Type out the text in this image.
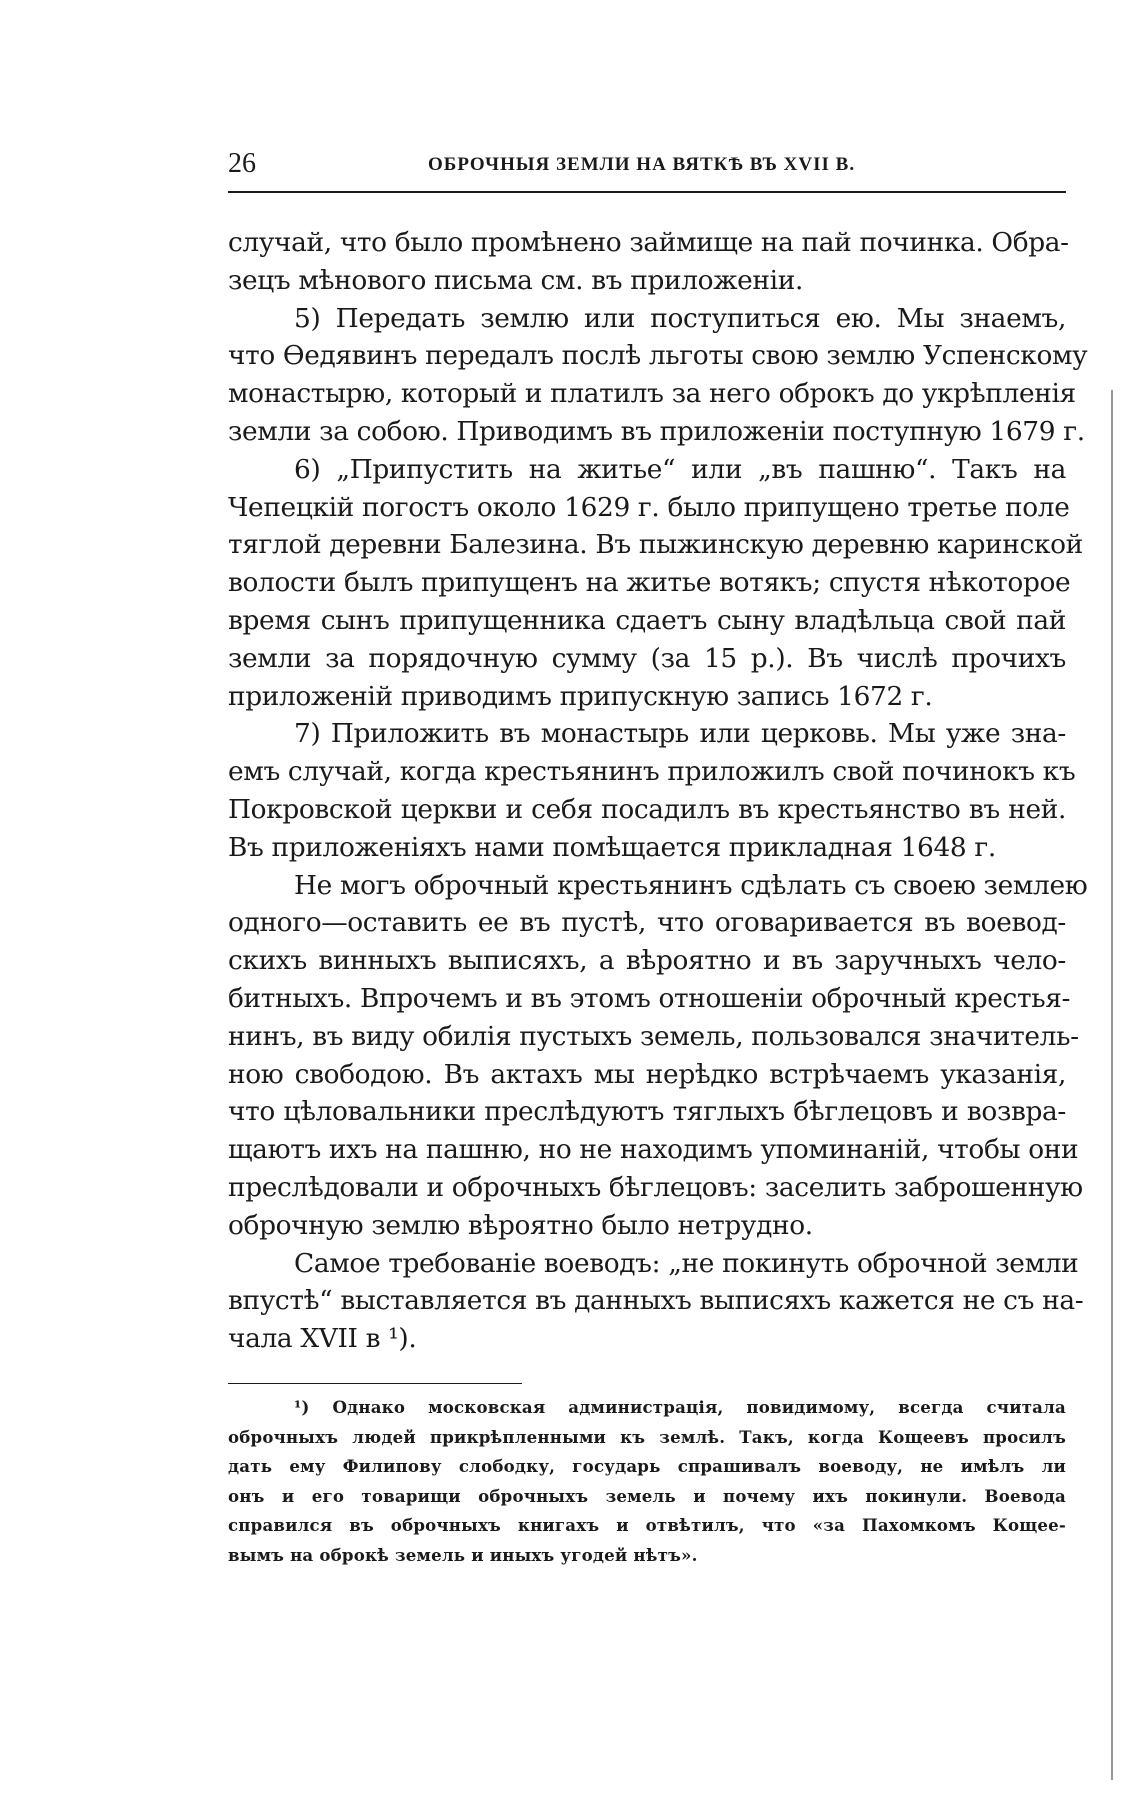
26	ОБРОЧНЫЯ ЗЕМЛИ НА ВЯТКѢ ВЪ XVII В.
случай, что было промѣнено займище на пай починка. Обра-
зецъ мѣнового письма см. въ приложеніи.
5) Передать землю или поступиться ею. Мы знаемъ,
что Ѳедявинъ передалъ послѣ льготы свою землю Успенскому
монастырю, который и платилъ за него оброкъ до укрѣпленія
земли за собою. Приводимъ въ приложеніи поступную 1679 г.
6) „Припустить на житье“ или „въ пашню“. Такъ на
Чепецкій погостъ около 1629 г. было припущено третье поле
тяглой деревни Балезина. Въ пыжинскую деревню каринской
волости былъ припущенъ на житье вотякъ; спустя нѣкоторое
время сынъ припущенника сдаетъ сыну владѣльца свой пай
земли за порядочную сумму (за 15 р.). Въ числѣ прочихъ
приложеній приводимъ припускную запись 1672 г.
7) Приложить въ монастырь или церковь. Мы уже зна-
емъ случай, когда крестьянинъ приложилъ свой починокъ къ
Покровской церкви и себя посадилъ въ крестьянство въ ней.
Въ приложеніяхъ нами помѣщается прикладная 1648 г.
Не могъ оброчный крестьянинъ сдѣлать съ своею землею
одного—оставить ее въ пустѣ, что оговаривается въ воевод-
скихъ винныхъ выписяхъ, а вѣроятно и въ заручныхъ чело-
битныхъ. Впрочемъ и въ этомъ отношеніи оброчный крестья-
нинъ, въ виду обилія пустыхъ земель, пользовался значитель-
ною свободою. Въ актахъ мы нерѣдко встрѣчаемъ указанія,
что цѣловальники преслѣдуютъ тяглыхъ бѣглецовъ и возвра-
щаютъ ихъ на пашню, но не находимъ упоминаній, чтобы они
преслѣдовали и оброчныхъ бѣглецовъ: заселить заброшенную
оброчную землю вѣроятно было нетрудно.
Самое требованіе воеводъ: „не покинуть оброчной земли
впустѣ“ выставляется въ данныхъ выписяхъ кажется не съ на-
чала XVII в ¹).
¹) Однако московская администрація, повидимому, всегда считала
оброчныхъ людей прикрѣпленными къ землѣ. Такъ, когда Кощеевъ просилъ
дать ему Филипову слободку, государь спрашивалъ воеводу, не имѣлъ ли
онъ и его товарищи оброчныхъ земель и почему ихъ покинули. Воевода
справился въ оброчныхъ книгахъ и отвѣтилъ, что «за Пахомкомъ Кощее-
вымъ на оброкѣ земель и иныхъ угодей нѣтъ».
